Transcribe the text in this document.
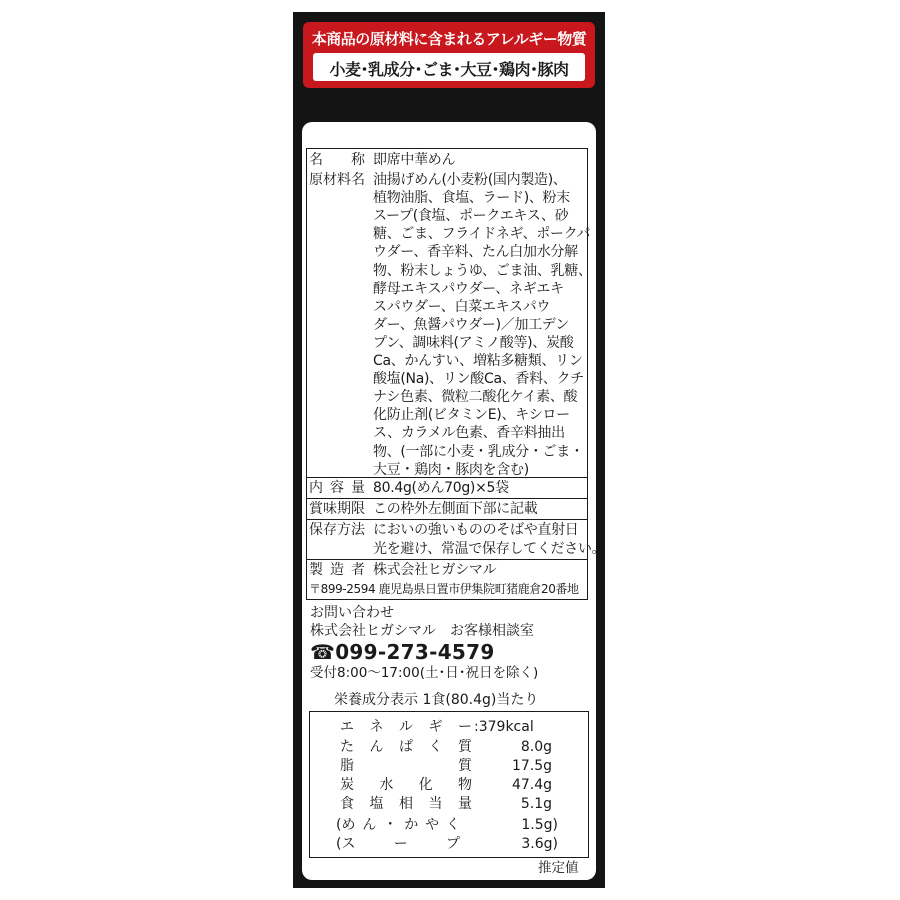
本商品の原材料に含まれるアレルギー物質
小麦･乳成分･ごま･大豆･鶏肉･豚肉
名 称 即席中華めん
原材料名 油揚げめん(小麦粉(国内製造)、
植物油脂、食塩、ラード)、粉末
スープ(食塩、ポークエキス、砂
糖、ごま、フライドネギ、ポークパ
ウダー、香辛料、たん白加水分解
物、粉末しょうゆ、ごま油、乳糖、
酵母エキスパウダー、ネギエキ
スパウダー、白菜エキスパウ
ダー、魚醤パウダー)／加工デン
プン、調味料(アミノ酸等)、炭酸
Ca、かんすい、増粘多糖類、リン
酸塩(Na)、リン酸Ca、香料、クチ
ナシ色素、微粒二酸化ケイ素、酸
化防止剤(ビタミンE)、キシロー
ス、カラメル色素、香辛料抽出
物、(一部に小麦・乳成分・ごま・
大豆・鶏肉・豚肉を含む)
内 容 量 80.4g(めん70g)×5袋
賞味期限 この枠外左側面下部に記載
保存方法 においの強いもののそばや直射日
光を避け、常温で保存してください。
製 造 者 株式会社ヒガシマル
〒899-2594 鹿児島県日置市伊集院町猪鹿倉20番地
お問い合わせ
株式会社ヒガシマル　お客様相談室
☎099-273-4579
受付8:00～17:00(土･日･祝日を除く)
栄養成分表示 1食(80.4g)当たり
エ ネ ル ギ ー :379kcal
た ん ぱ く 質	8.0g
脂	質	17.5g
炭 水 化 物	47.4g
食 塩 相 当 量	5.1g
(め ん ・ か や く	1.5g)
(ス	ー	プ	3.6g)
推定値
